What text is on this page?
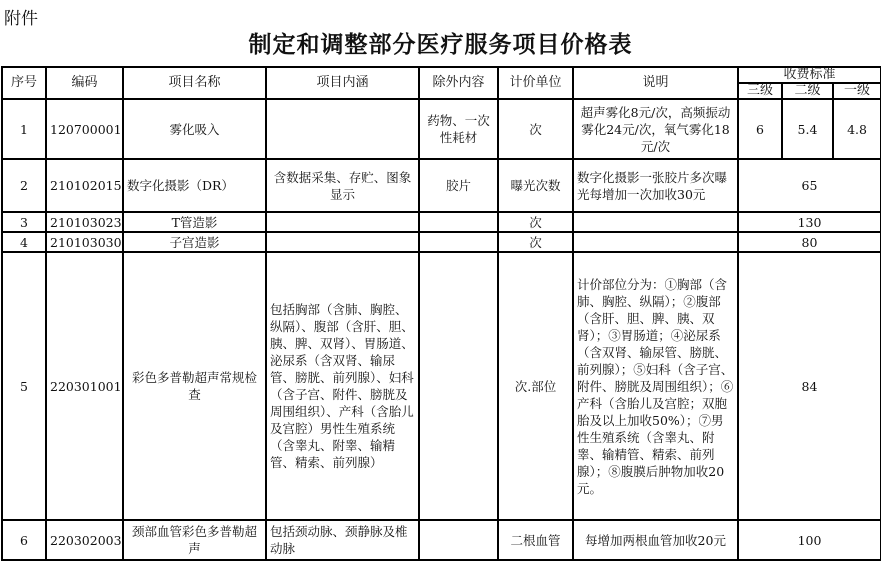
附件
制定和调整部分医疗服务项目价格表
序号	编码	项目名称	项目内涵	除外内容	计价单位	说明	收费标准		
							三级	二级	一级
1	120700001	雾化吸入		药物、一次性耗材	次	超声雾化8元/次，高频振动雾化24元/次，氧气雾化18元/次	6	5.4	4.8
2	210102015	数字化摄影（DR）	含数据采集、存贮、图象显示	胶片	曝光次数	数字化摄影一张胶片多次曝光每增加一次加收30元	65		
3	210103023	T管造影			次		130		
4	210103030	子宫造影			次		80		
5	220301001	彩色多普勒超声常规检查	包括胸部（含肺、胸腔、纵隔）、腹部（含肝、胆、胰、脾、双肾）、胃肠道、泌尿系（含双肾、输尿管、膀胱、前列腺）、妇科（含子宫、附件、膀胱及周围组织）、产科（含胎儿及宫腔）男性生殖系统（含睾丸、附睾、输精管、精索、前列腺）		次.部位	计价部位分为：①胸部（含肺、胸腔、纵隔）；②腹部（含肝、胆、脾、胰、双肾）；③胃肠道；④泌尿系（含双肾、输尿管、膀胱、前列腺）；⑤妇科（含子宫、附件、膀胱及周围组织）；⑥产科（含胎儿及宫腔；双胞胎及以上加收50%）；⑦男性生殖系统（含睾丸、附睾、输精管、精索、前列腺）；⑧腹膜后肿物加收20元。	84		
6	220302003	颈部血管彩色多普勒超声	包括颈动脉、颈静脉及椎动脉		二根血管	每增加两根血管加收20元	100		
